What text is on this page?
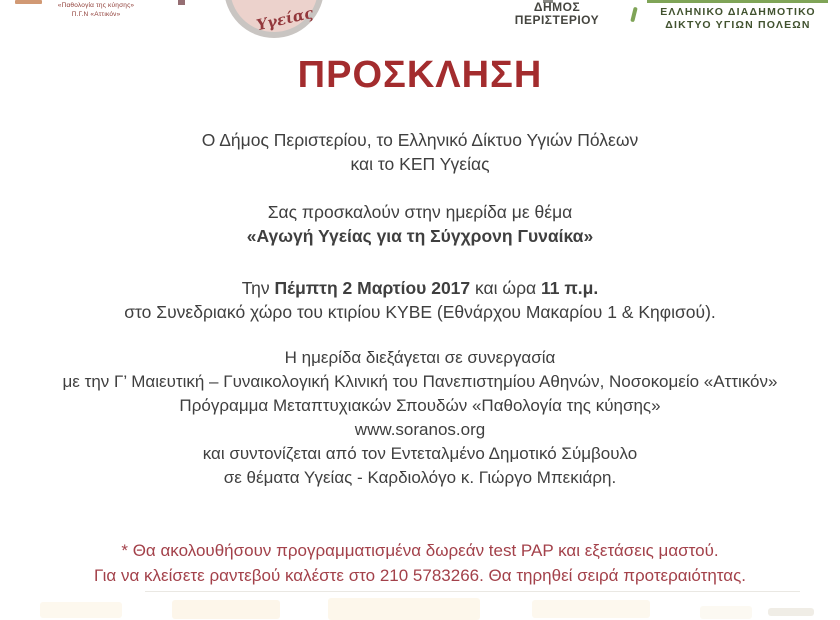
«Παθολογία της κύησης»
Π.Γ.Ν «Αττικόν»	Υγείας	ΔΗΜΟΣ
ΠΕΡΙΣΤΕΡΙΟΥ
ΕΛΛΗΝΙΚΟ ΔΙΑΔΗΜΟΤΙΚΟ
ΔΙΚΤΥΟ ΥΓΙΩΝ ΠΟΛΕΩΝ
ΠΡΟΣΚΛΗΣΗ
Ο Δήμος Περιστερίου, το Ελληνικό Δίκτυο Υγιών Πόλεων
και το ΚΕΠ Υγείας
Σας προσκαλούν στην ημερίδα με θέμα
«Αγωγή Υγείας για τη Σύγχρονη Γυναίκα»
Την Πέμπτη 2 Μαρτίου 2017 και ώρα 11 π.μ.
στο Συνεδριακό χώρο του κτιρίου ΚΥΒΕ (Εθνάρχου Μακαρίου 1 & Κηφισού).
Η ημερίδα διεξάγεται σε συνεργασία
με την Γ’ Μαιευτική – Γυναικολογική Κλινική του Πανεπιστημίου Αθηνών, Νοσοκομείο «Αττικόν»
Πρόγραμμα Μεταπτυχιακών Σπουδών «Παθολογία της κύησης»
www.soranos.org
και συντονίζεται από τον Εντεταλμένο Δημοτικό Σύμβουλο
σε θέματα Υγείας - Καρδιολόγο κ. Γιώργο Μπεκιάρη.
* Θα ακολουθήσουν προγραμματισμένα δωρεάν test PAP και εξετάσεις μαστού.
Για να κλείσετε ραντεβού καλέστε στο 210 5783266. Θα τηρηθεί σειρά προτεραιότητας.
